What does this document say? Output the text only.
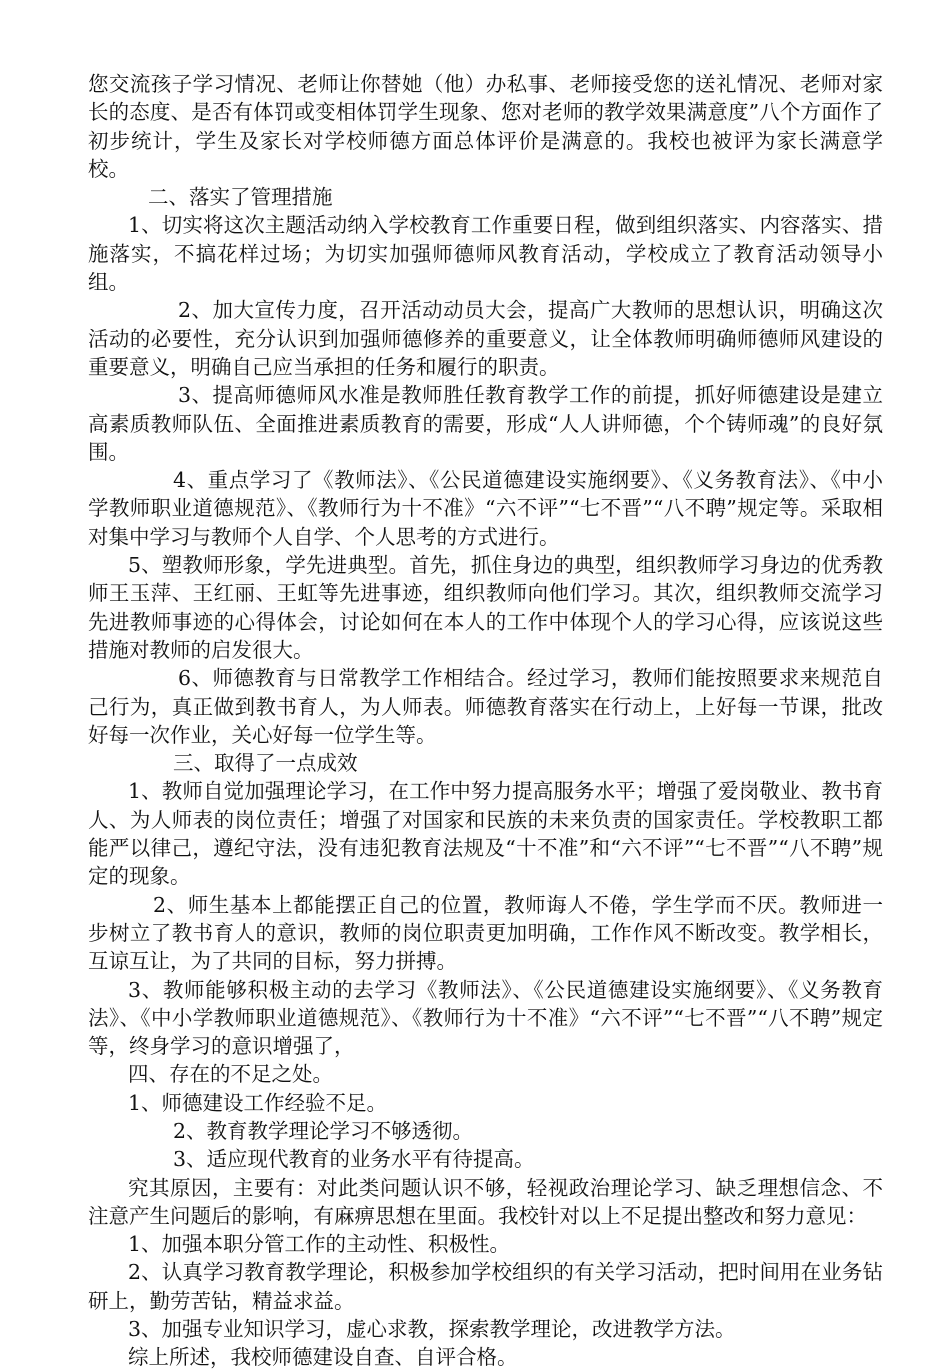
您交流孩子学习情况、老师让你替她（他）办私事、老师接受您的送礼情况、老师对家长的态度、是否有体罚或变相体罚学生现象、您对老师的教学效果满意度”八个方面作了初步统计，学生及家长对学校师德方面总体评价是满意的。我校也被评为家长满意学校。

二、落实了管理措施

1、切实将这次主题活动纳入学校教育工作重要日程，做到组织落实、内容落实、措施落实，不搞花样过场；为切实加强师德师风教育活动，学校成立了教育活动领导小组。

2、加大宣传力度，召开活动动员大会，提高广大教师的思想认识，明确这次活动的必要性，充分认识到加强师德修养的重要意义，让全体教师明确师德师风建设的重要意义，明确自己应当承担的任务和履行的职责。

3、提高师德师风水准是教师胜任教育教学工作的前提，抓好师德建设是建立高素质教师队伍、全面推进素质教育的需要，形成“人人讲师德，个个铸师魂”的良好氛围。

4、重点学习了《教师法》、《公民道德建设实施纲要》、《义务教育法》、《中小学教师职业道德规范》、《教师行为十不准》“六不评”“七不晋”“八不聘”规定等。采取相对集中学习与教师个人自学、个人思考的方式进行。

5、塑教师形象，学先进典型。首先，抓住身边的典型，组织教师学习身边的优秀教师王玉萍、王红丽、王虹等先进事迹，组织教师向他们学习。其次，组织教师交流学习先进教师事迹的心得体会，讨论如何在本人的工作中体现个人的学习心得，应该说这些措施对教师的启发很大。

6、师德教育与日常教学工作相结合。经过学习，教师们能按照要求来规范自己行为，真正做到教书育人，为人师表。师德教育落实在行动上，上好每一节课，批改好每一次作业，关心好每一位学生等。

三、取得了一点成效

1、教师自觉加强理论学习，在工作中努力提高服务水平；增强了爱岗敬业、教书育人、为人师表的岗位责任；增强了对国家和民族的未来负责的国家责任。学校教职工都能严以律己，遵纪守法，没有违犯教育法规及“十不准”和“六不评”“七不晋”“八不聘”规定的现象。

2、师生基本上都能摆正自己的位置，教师诲人不倦，学生学而不厌。教师进一步树立了教书育人的意识，教师的岗位职责更加明确，工作作风不断改变。教学相长，互谅互让，为了共同的目标，努力拼搏。

3、教师能够积极主动的去学习《教师法》、《公民道德建设实施纲要》、《义务教育法》、《中小学教师职业道德规范》、《教师行为十不准》“六不评”“七不晋”“八不聘”规定等，终身学习的意识增强了，

四、存在的不足之处。

1、师德建设工作经验不足。

2、教育教学理论学习不够透彻。

3、适应现代教育的业务水平有待提高。

究其原因，主要有：对此类问题认识不够，轻视政治理论学习、缺乏理想信念、不注意产生问题后的影响，有麻痹思想在里面。我校针对以上不足提出整改和努力意见：

1、加强本职分管工作的主动性、积极性。

2、认真学习教育教学理论，积极参加学校组织的有关学习活动，把时间用在业务钻研上，勤劳苦钻，精益求益。

3、加强专业知识学习，虚心求教，探索教学理论，改进教学方法。

综上所述，我校师德建设自查、自评合格。
